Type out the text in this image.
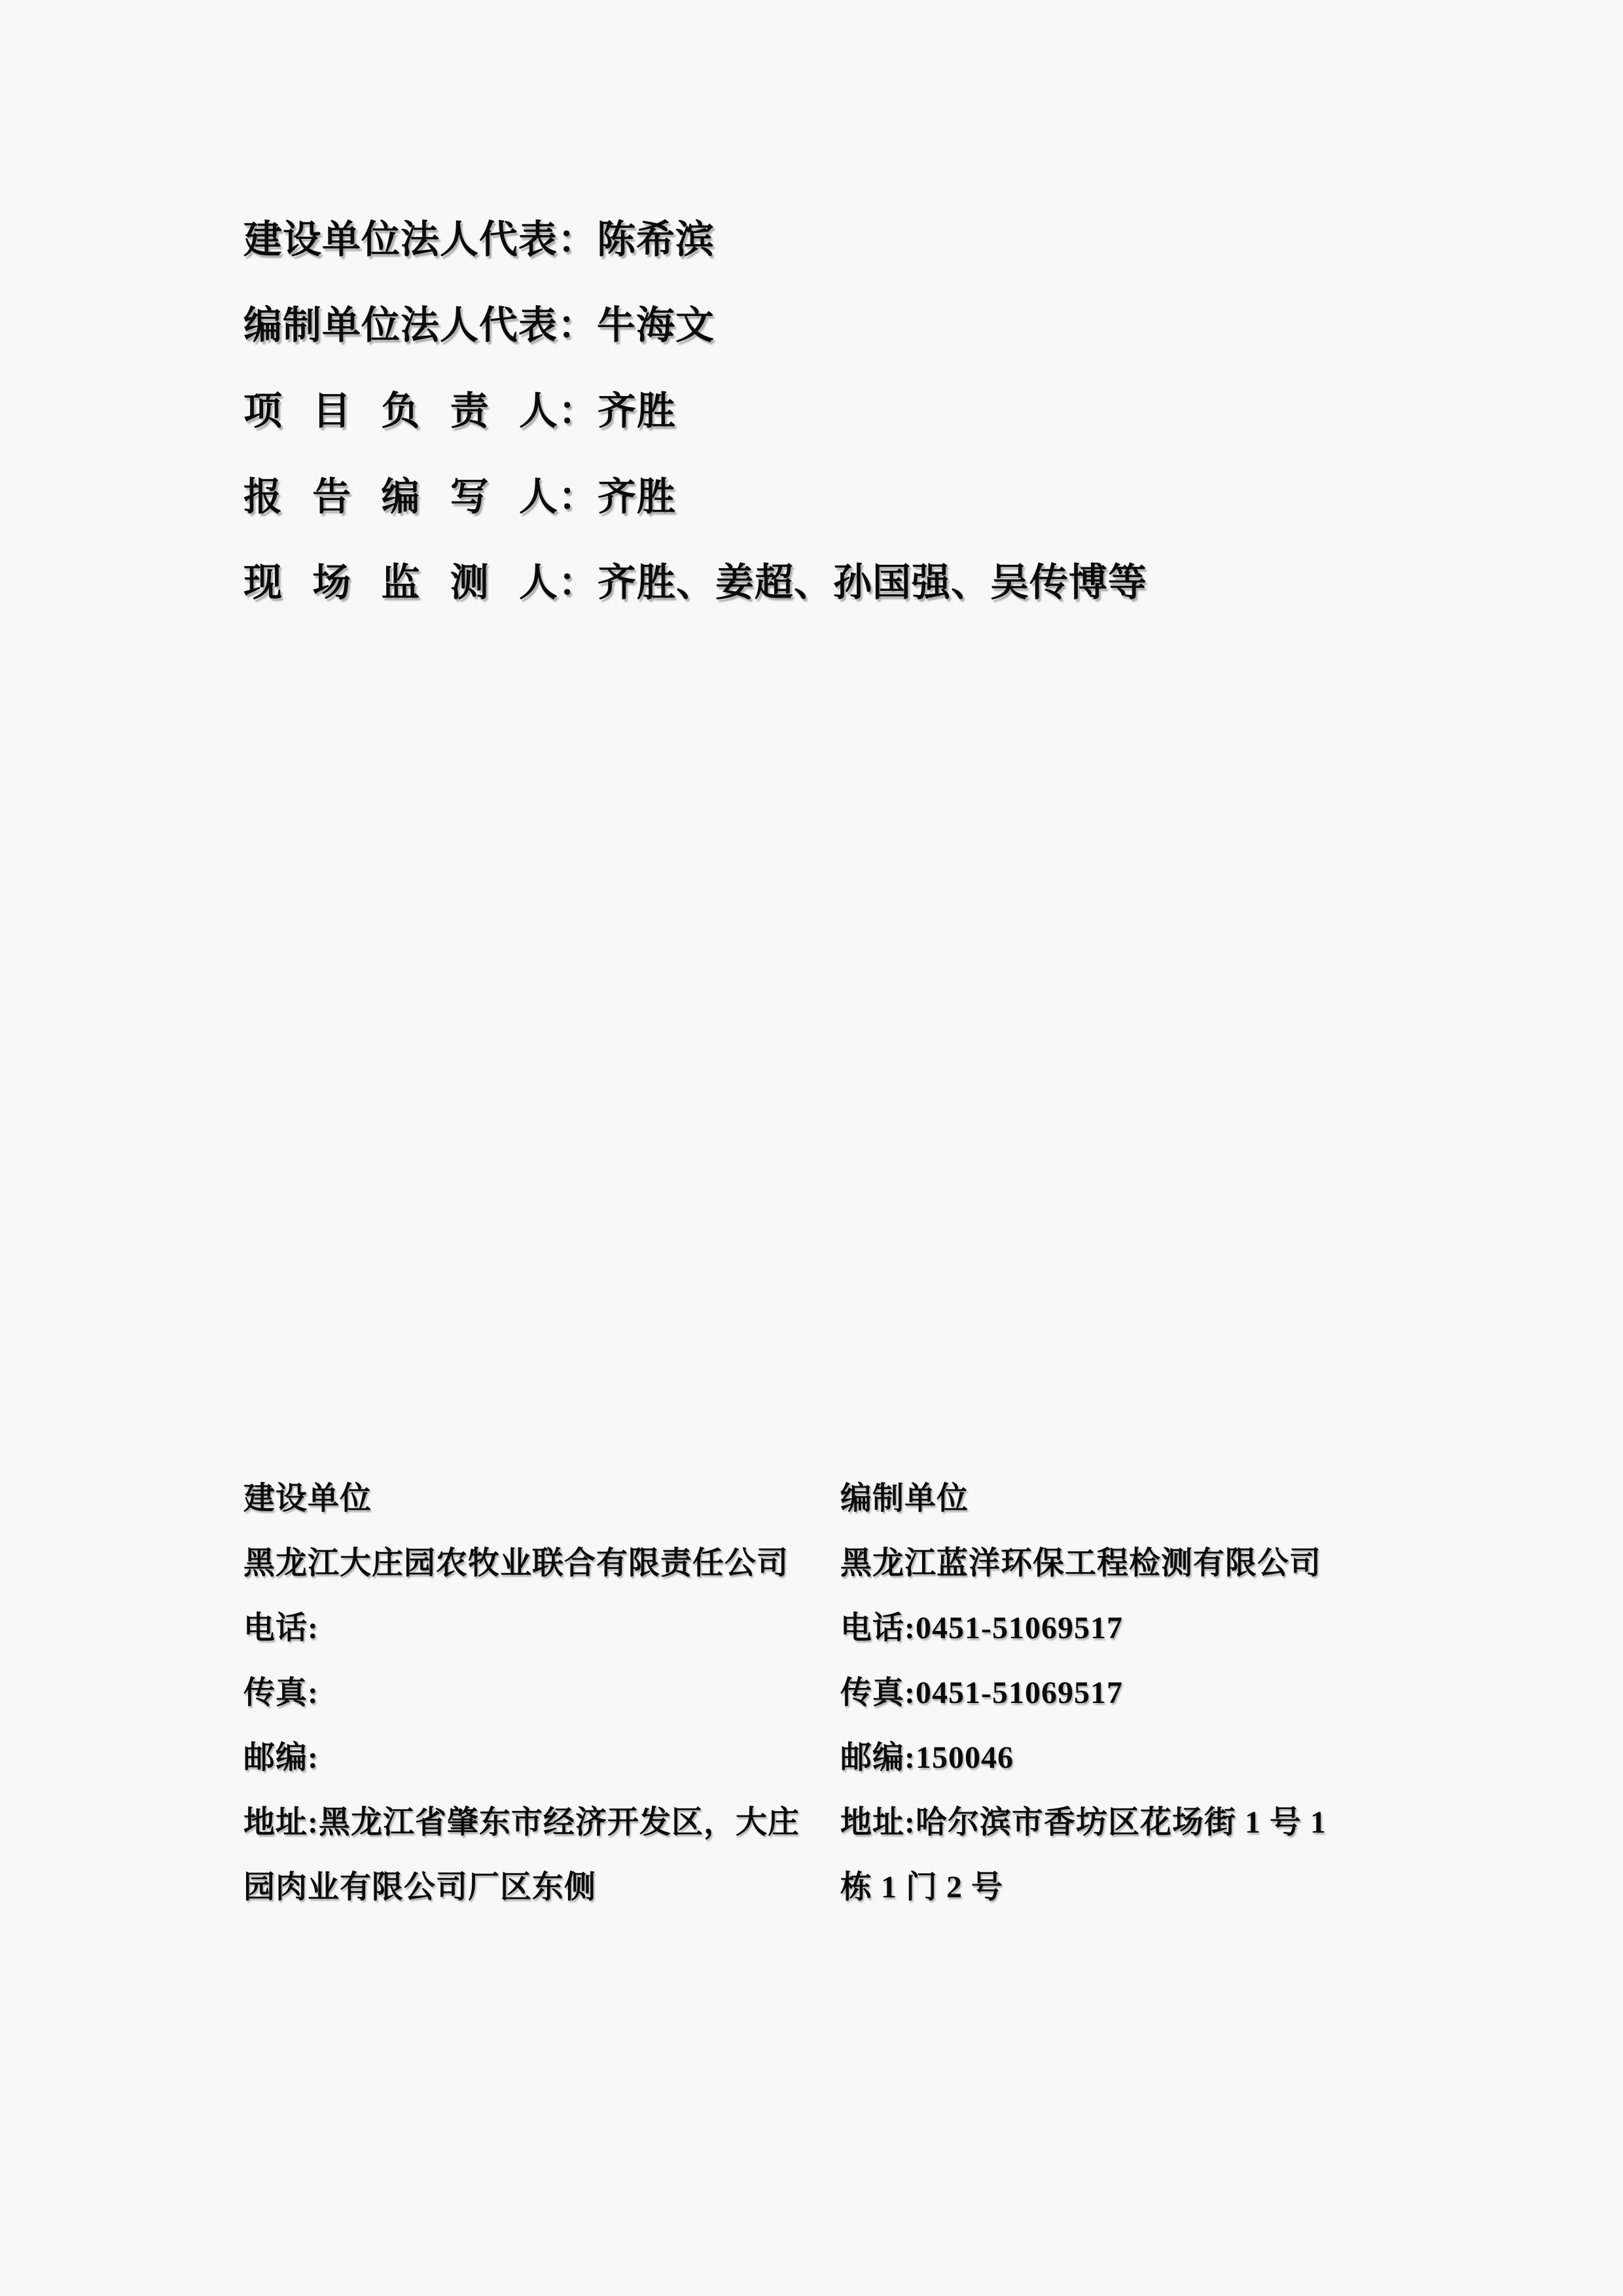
建设单位法人代表：陈希滨
编制单位法人代表：牛海文
项 目 负 责 人：齐胜
报 告 编 写 人：齐胜
现 场 监 测 人：齐胜、姜超、孙国强、吴传博等
建设单位
黑龙江大庄园农牧业联合有限责任公司
电话:
传真:
邮编:
地址:黑龙江省肇东市经济开发区，大庄
园肉业有限公司厂区东侧
编制单位
黑龙江蓝洋环保工程检测有限公司
电话:0451-51069517
传真:0451-51069517
邮编:150046
地址:哈尔滨市香坊区花场街 1 号 1
栋 1 门 2 号
